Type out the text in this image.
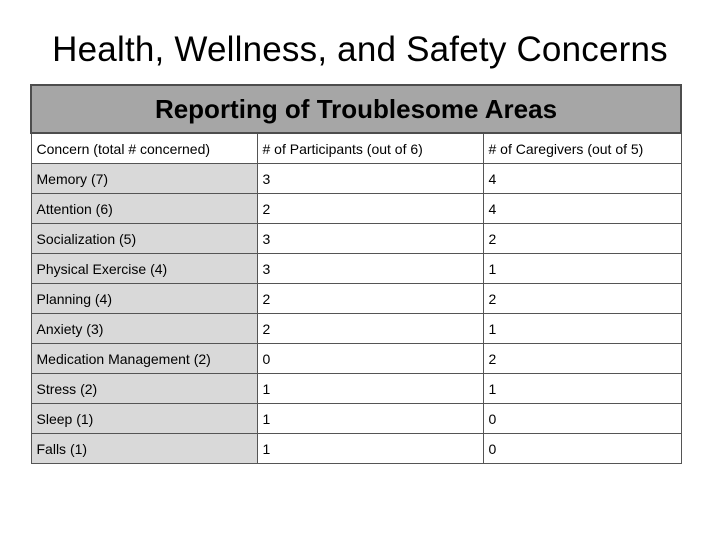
Health, Wellness, and Safety Concerns
Reporting of Troublesome Areas		
Concern (total # concerned)	# of Participants (out of 6)	# of Caregivers (out of 5)
Memory (7)	3	4
Attention (6)	2	4
Socialization (5)	3	2
Physical Exercise (4)	3	1
Planning (4)	2	2
Anxiety (3)	2	1
Medication Management (2)	0	2
Stress (2)	1	1
Sleep (1)	1	0
Falls (1)	1	0
